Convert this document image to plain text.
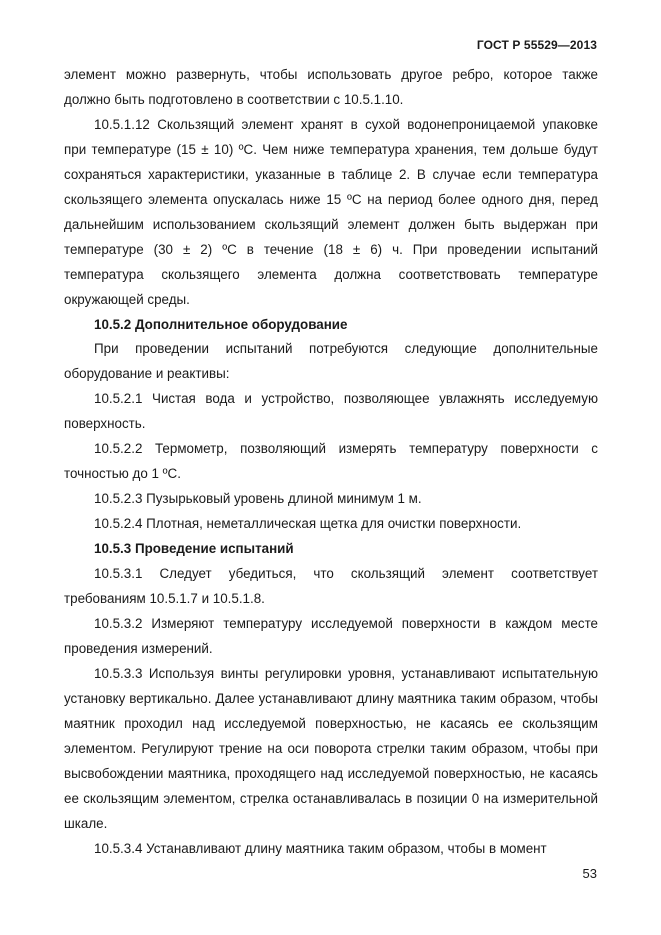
ГОСТ Р 55529—2013

элемент можно развернуть, чтобы использовать другое ребро, которое также должно быть подготовлено в соответствии с 10.5.1.10.

10.5.1.12 Скользящий элемент хранят в сухой водонепроницаемой упаковке при температуре (15 ± 10) ºС. Чем ниже температура хранения, тем дольше будут сохраняться характеристики, указанные в таблице 2. В случае если температура скользящего элемента опускалась ниже 15 ºС на период более одного дня, перед дальнейшим использованием скользящий элемент должен быть выдержан при температуре (30 ± 2) ºС в течение (18 ± 6) ч. При проведении испытаний температура скользящего элемента должна соответствовать температуре окружающей среды.

10.5.2 Дополнительное оборудование

При проведении испытаний потребуются следующие дополнительные оборудование и реактивы:

10.5.2.1 Чистая вода и устройство, позволяющее увлажнять исследуемую поверхность.

10.5.2.2 Термометр, позволяющий измерять температуру поверхности с точностью до 1 ºС.

10.5.2.3 Пузырьковый уровень длиной минимум 1 м.

10.5.2.4 Плотная, неметаллическая щетка для очистки поверхности.

10.5.3 Проведение испытаний

10.5.3.1 Следует убедиться, что скользящий элемент соответствует требованиям 10.5.1.7 и 10.5.1.8.

10.5.3.2 Измеряют температуру исследуемой поверхности в каждом месте проведения измерений.

10.5.3.3 Используя винты регулировки уровня, устанавливают испытательную установку вертикально. Далее устанавливают длину маятника таким образом, чтобы маятник проходил над исследуемой поверхностью, не касаясь ее скользящим элементом. Регулируют трение на оси поворота стрелки таким образом, чтобы при высвобождении маятника, проходящего над исследуемой поверхностью, не касаясь ее скользящим элементом, стрелка останавливалась в позиции 0 на измерительной шкале.

10.5.3.4 Устанавливают длину маятника таким образом, чтобы в момент

53
